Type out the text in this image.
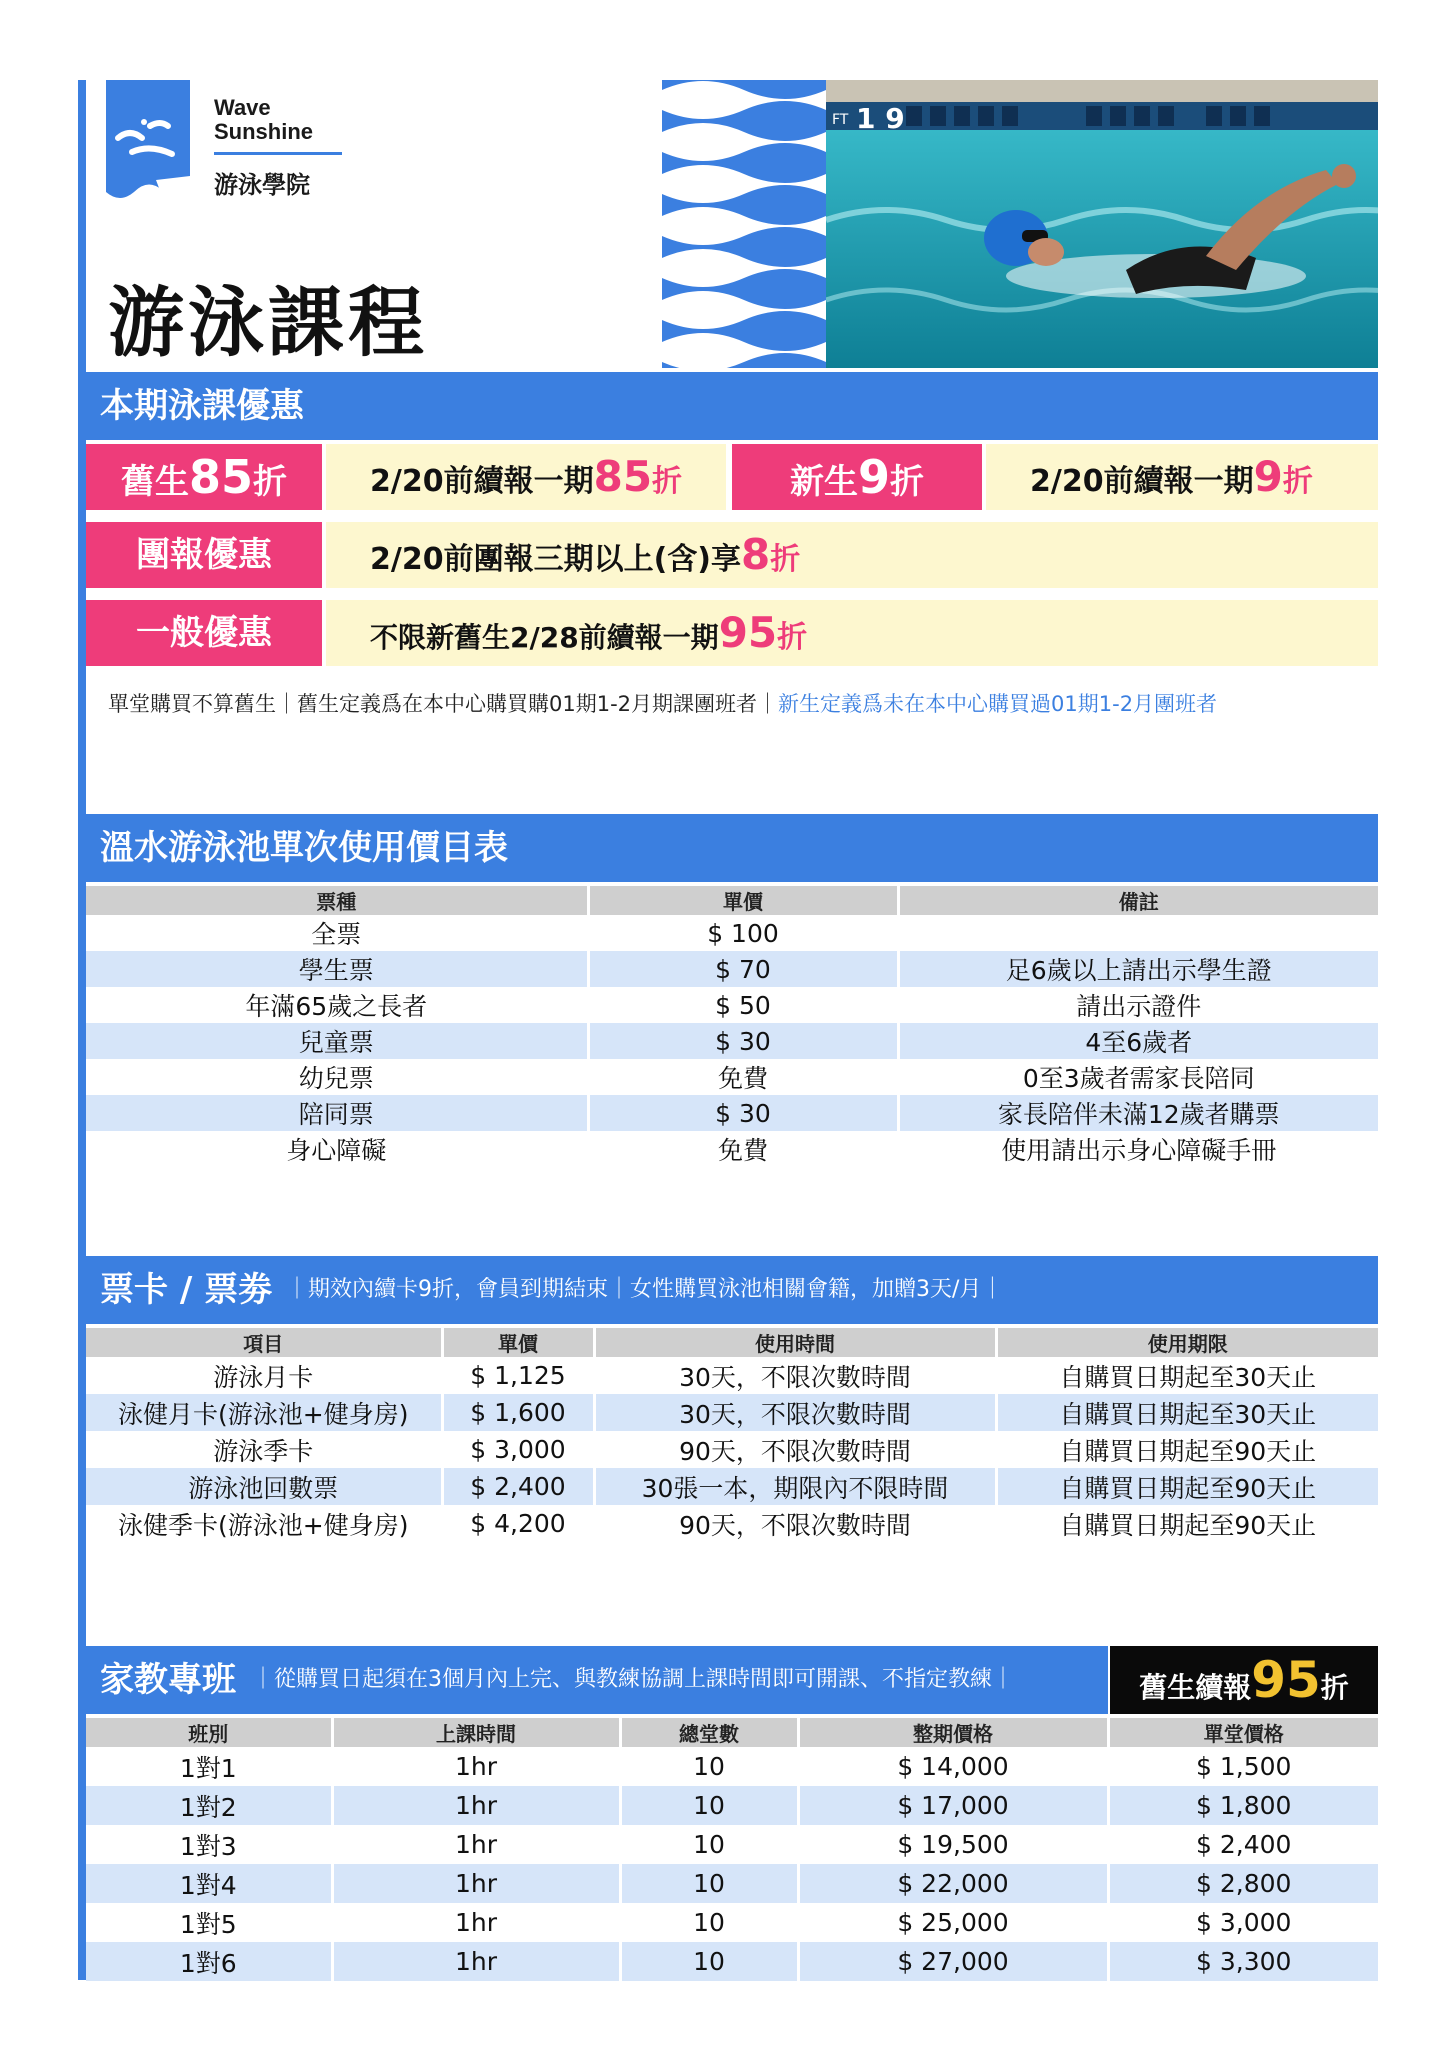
Wave
Sunshine
游泳學院
游泳課程
FT 1 9
本期泳課優惠
舊生85折	2/20前續報一期85折	新生9折	2/20前續報一期9折
團報優惠	2/20前團報三期以上(含)享8折
一般優惠	不限新舊生2/28前續報一期95折
單堂購買不算舊生｜舊生定義爲在本中心購買購01期1-2月期課團班者｜新生定義爲未在本中心購買過01期1-2月團班者
溫水游泳池單次使用價目表
票種	單價	備註
全票	$ 100	
學生票	$ 70	足6歲以上請出示學生證
年滿65歲之長者	$ 50	請出示證件
兒童票	$ 30	4至6歲者
幼兒票	免費	0至3歲者需家長陪同
陪同票	$ 30	家長陪伴未滿12歲者購票
身心障礙	免費	使用請出示身心障礙手冊
票卡 / 票劵 ｜期效內續卡9折，會員到期結束｜女性購買泳池相關會籍，加贈3天/月｜
項目	單價	使用時間	使用期限
游泳月卡	$ 1,125	30天，不限次數時間	自購買日期起至30天止
泳健月卡(游泳池+健身房)	$ 1,600	30天，不限次數時間	自購買日期起至30天止
游泳季卡	$ 3,000	90天，不限次數時間	自購買日期起至90天止
游泳池回數票	$ 2,400	30張一本，期限內不限時間	自購買日期起至90天止
泳健季卡(游泳池+健身房)	$ 4,200	90天，不限次數時間	自購買日期起至90天止
家教專班 ｜從購買日起須在3個月內上完、與教練協調上課時間即可開課、不指定教練｜	舊生續報95折
班別	上課時間	總堂數	整期價格	單堂價格
1對1	1hr	10	$ 14,000	$ 1,500
1對2	1hr	10	$ 17,000	$ 1,800
1對3	1hr	10	$ 19,500	$ 2,400
1對4	1hr	10	$ 22,000	$ 2,800
1對5	1hr	10	$ 25,000	$ 3,000
1對6	1hr	10	$ 27,000	$ 3,300
